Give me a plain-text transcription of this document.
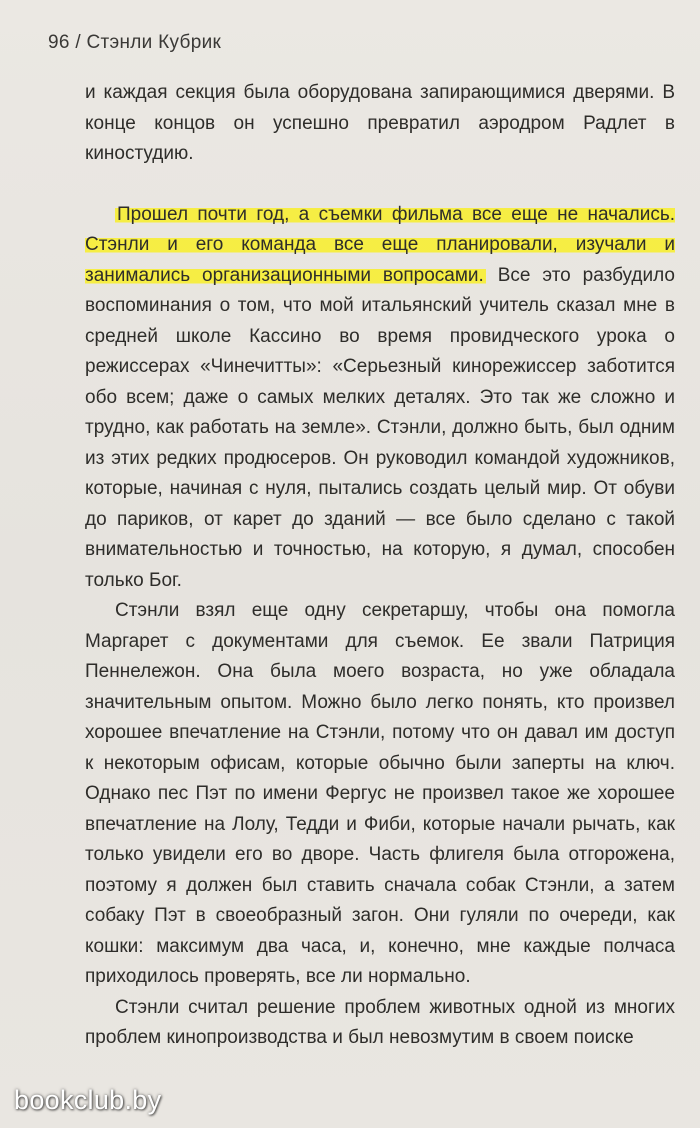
96 / Стэнли Кубрик

и каждая секция была оборудована запирающимися дверями. В конце концов он успешно превратил аэродром Радлет в киностудию.

Прошел почти год, а съемки фильма все еще не начались. Стэнли и его команда все еще планировали, изучали и занимались организационными вопросами. Все это разбудило воспоминания о том, что мой итальянский учитель сказал мне в средней школе Кассино во время провидческого урока о режиссерах «Чинечитты»: «Серьезный кинорежиссер заботится обо всем; даже о самых мелких деталях. Это так же сложно и трудно, как работать на земле». Стэнли, должно быть, был одним из этих редких продюсеров. Он руководил командой художников, которые, начиная с нуля, пытались создать целый мир. От обуви до париков, от карет до зданий — все было сделано с такой внимательностью и точностью, на которую, я думал, способен только Бог.

Стэнли взял еще одну секретаршу, чтобы она помогла Маргарет с документами для съемок. Ее звали Патриция Пеннележон. Она была моего возраста, но уже обладала значительным опытом. Можно было легко понять, кто произвел хорошее впечатление на Стэнли, потому что он давал им доступ к некоторым офисам, которые обычно были заперты на ключ. Однако пес Пэт по имени Фергус не произвел такое же хорошее впечатление на Лолу, Тедди и Фиби, которые начали рычать, как только увидели его во дворе. Часть флигеля была отгорожена, поэтому я должен был ставить сначала собак Стэнли, а затем собаку Пэт в своеобразный загон. Они гуляли по очереди, как кошки: максимум два часа, и, конечно, мне каждые полчаса приходилось проверять, все ли нормально.

Стэнли считал решение проблем животных одной из многих проблем кинопроизводства и был невозмутим в своем поиске

bookclub.by
